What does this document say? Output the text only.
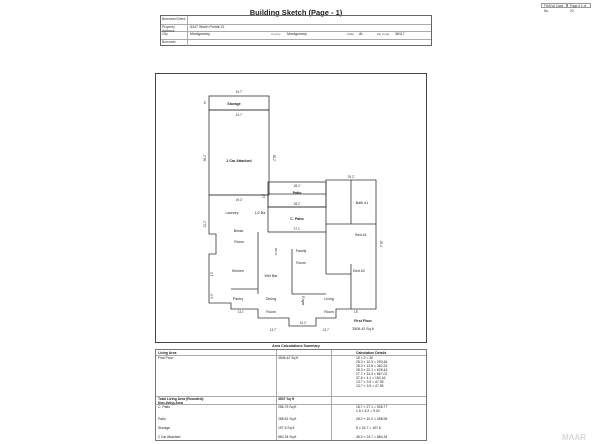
FHA/VA Case No.
Page # 1 of 20
Building Sketch (Page - 1)
Borrower/Client
Property Address
5447 Worth Pointe Ct
City	Montgomery	County Montgomery	State AL	Zip Code 36117
Borrower
Storage
2 Car Attached
Patio
C. Patio
Laundry	1/2 Ba
Bath #1
Bed #1
Bed #2
Break.
Room
Kitchen
Wet Bar
Family
Room
Pantry	Dining
Room
Living
Room
Foyer
W.I.C.
First Floor
3506.42 Sq ft
24.7'
8'
24.7'
56.2'	56.2'
19.3'
28.2'
29.2'
28.2'
27.1'
10'
22.2'
28.4'
13'
9.9'
13.1'
13.7'
10.2'
13.7'
15'
Area Calculations Summary
Living Area	Calculation Details
First Floor	3506.42 Sq ft	15 × 2 = 30
28.2 × 10.3 = 290.46
28.3 × 12.8 = 362.24
28.3 × 22.1 = 625.43
27.7 × 31.3 = 867.01
37.6 × 4.1 = 154.16
13.7 × 3.5 = 47.95
13.7 × 3.5 = 47.95
Total Living Area (Rounded):	3507 Sq ft
Non-living Area
C. Patio	286.75 Sq ft	18.7 × 27.1 = 506.77
1.5 × 6.2 = 9.02
Patio	288.81 Sq ft	28.2 × 10.2 = 288.95
Storage	197.6 Sq ft	8 × 24.7 = 197.6
2 Car Attached	884.34 Sq ft	36.2 × 24.7 = 884.34	MAAR
